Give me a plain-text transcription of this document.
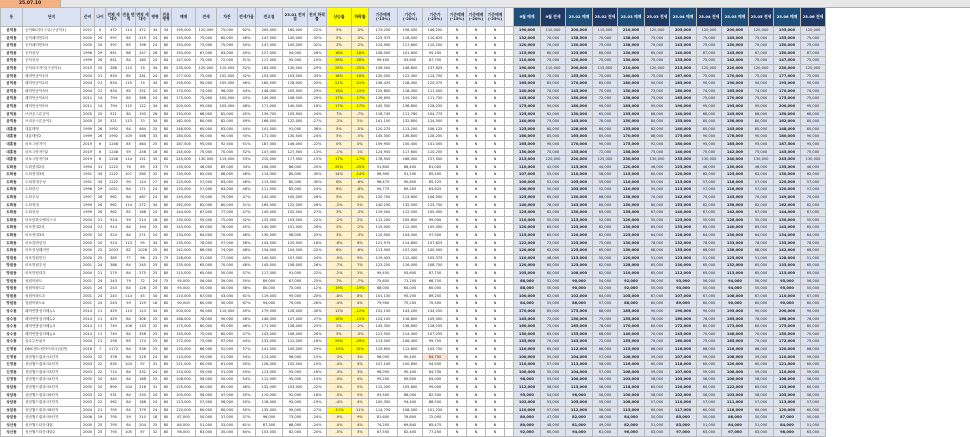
25.07.10
동	단지	준비	나이	전체 세대수	전용 면적	면적 세대수	평형	전용 평형	매매	전세	차잔	전세가율	전고점	23.01 전저점	전저 하락률	상승률	하락률	기준매매 (-15%)	기준가 (-20%)	기준가 (-25%)	기준매매 (-15%)	기준매매 (-20%)	기준매매 (-25%)		9월 매매	9월 전세	25.02 매매	25.02 전세	25.03 매매	25.03 전세	25.04 매매	25.04 전세	25.05 매매	25.05 전세	25.06 매매	25.06 전세
공덕동	공덕SK리더스뷰(구공덕1)	2021	4	472	114	472	34	34	195,000	120,000	75,000	62%	205,000	160,000	-22%	5%	-5%	174,250	156,000	146,250	N	N	N		190,000	110,000	200,000	110,000	210,000	120,000	205,000	120,000	200,000	120,000	195,000	120,000
공덕동	공덕래미안2차	2005	20	597	85	215	24	80	155,000	75,000	80,000	48%	147,500	100,000	-32%	5%	-5%	125,375	118,000	110,625	N	N	N		132,000	70,000	138,500	70,000	138,000	75,000	140,000	75,000	145,000	75,000	155,000	75,000
공덕동	공덕래미안3차	2005	20	597	85	196	24	80	150,000	75,000	75,000	50%	147,000	100,000	-32%	2%	-2%	124,950	117,600	110,250	N	N	N		120,000	70,000	130,000	75,000	138,000	75,000	145,000	75,000	150,000	75,000	150,000	75,000
공덕동	공덕삼성	1996	29	651	86	247	26	80	150,000	67,000	83,000	45%	127,000	94,000	-26%	18%	-18%	108,050	101,600	95,250	N	N	N		115,000	60,000	125,000	65,000	130,000	65,000	140,000	67,000	145,000	67,000	150,000	67,000
공덕동	공덕삼성	1999	26	651	84	180	24	84	147,000	75,000	72,000	51%	117,000	95,000	-19%	26%	-26%	99,450	93,600	87,750	N	N	N		110,000	70,000	120,000	70,000	130,000	75,000	135,000	75,000	142,000	75,000	147,000	75,000
공덕동	공덕파크자이(구공덕1)	2015	10	288	113	74	34	80	230,000	120,000	110,000	52%	183,500	130,000	-29%	25%	-25%	156,000	146,800	137,625	N	N	N		190,000	110,000	200,000	115,000	210,000	120,000	215,000	120,000	220,000	120,000	230,000	120,000
공덕동	래미안공덕1차	2004	21	634	85	281	24	80	177,000	75,000	102,000	42%	153,000	103,000	-33%	16%	-16%	130,050	122,400	114,750	N	N	N		145,000	70,000	155,000	70,000	160,000	75,000	167,000	75,000	170,000	75,000	177,000	75,000
공덕동	래미안공덕2차	2004	21	634	115	74	34	80	195,000	90,000	105,000	46%	160,500	128,000	-20%	21%	-21%	136,425	128,400	120,375	N	N	N		165,000	85,000	170,000	85,000	180,000	90,000	185,000	90,000	190,000	90,000	195,000	90,000
공덕동	래미안공덕3차	2004	21	634	85	251	24	80	170,000	74,000	96,000	44%	148,000	105,500	-29%	15%	-15%	125,800	118,400	111,000	N	N	N		140,000	70,000	145,000	70,000	150,000	72,000	160,000	74,000	165,000	74,000	170,000	74,000
공덕동	래미안공덕4차	2011	14	794	85	288	24	80	175,000	75,000	100,000	43%	149,000	106,000	-29%	17%	-17%	126,650	119,200	111,750	N	N	N		145,000	70,000	150,000	72,000	158,000	75,000	165,000	75,000	170,000	75,000	175,000	75,000
공덕동	래미안공덕5차	2011	14	794	115	122	34	80	200,000	95,000	105,000	48%	171,000	140,000	-18%	17%	-17%	145,350	136,800	128,250	N	N	N		175,000	90,000	180,000	90,000	185,000	95,000	190,000	95,000	195,000	95,000	200,000	95,000
공덕동	브라운스톤공덕	2005	20	521	80	193	26	80	150,000	68,000	82,000	45%	139,700	105,500	-24%	7%	-7%	118,745	111,760	104,775	N	N	N		125,000	62,000	130,000	65,000	135,000	68,000	140,000	68,000	145,000	68,000	150,000	68,000
공덕동	브라운스톤공덕2	2005	20	521	113	70	34	80	162,000	80,000	82,000	49%	166,000	122,000	-27%	-2%	2%	141,100	132,800	124,500	N	N	N		140,000	75,000	145,000	78,000	150,000	80,000	155,000	80,000	158,000	80,000	162,000	80,000
대흥동	대흥태영	1999	26	1992	84	464	25	80	148,000	65,000	83,000	44%	141,500	91,000	-36%	5%	-5%	120,275	113,200	106,125	N	N	N		125,000	60,000	128,000	60,000	135,000	62,000	140,000	65,000	145,000	65,000	148,000	65,000
대흥동	대흥태영2	1999	26	1992	109	586	33	80	180,000	90,000	90,000	50%	171,000	130,500	-24%	5%	-5%	145,350	136,800	128,250	N	N	N		160,000	85,000	165,000	85,000	170,000	88,000	175,000	90,000	178,000	90,000	180,000	90,000
대흥동	마포그랑자이	2019	6	1248	85	464	25	80	187,500	95,000	92,500	51%	187,000	146,000	-22%	0%	0%	159,950	150,400	141,000	N	N	N		165,000	90,000	170,000	90,000	175,000	92,000	180,000	95,000	185,000	95,000	187,500	95,000
대흥동	마포그랑자이2	2019	6	1248	59	258	18	80	145,000	75,000	70,000	52%	147,000	127,500	-13%	-1%	1%	124,950	117,600	110,250	N	N	N		130,000	70,000	135,000	72,000	138,000	75,000	140,000	75,000	142,000	75,000	145,000	75,000
대흥동	마포그랑자이3	2019	6	1248	114	151	34	80	245,000	130,000	115,000	53%	210,000	177,500	-15%	17%	-17%	178,500	168,000	157,500	N	N	N		215,000	120,000	220,000	125,000	230,000	130,000	235,000	130,000	240,000	130,000	245,000	130,000
도화동	도화현대2차	1994	31	1222	76	69	23	75	135,000	46,000	89,000	34%	108,000	86,000	-20%	25%	-25%	91,800	86,400	81,000	N	N	N		110,000	42,000	115,000	44,000	120,000	46,000	125,000	46,000	130,000	46,000	135,000	46,000
도화동	도화현대3차	1991	34	1222	107	280	32	80	130,000	62,000	68,000	48%	114,000	80,000	-30%	14%	-14%	96,900	91,200	85,500	N	N	N		107,000	55,000	110,000	58,000	115,000	60,000	120,000	62,000	125,000	62,000	130,000	62,000
도화동	도화현대우성	1991	34	1222	90	124	27	80	120,000	57,000	63,000	48%	113,500	80,000	-30%	6%	-6%	96,475	90,800	85,125	N	N	N		100,000	52,000	105,000	55,000	110,000	55,000	115,000	57,000	118,000	57,000	120,000	57,000
도화동	도화한신	1996	29	1021	84	171	24	80	120,000	57,000	63,000	48%	111,500	85,000	-24%	8%	-8%	94,775	89,200	83,625	N	N	N		100,000	50,000	105,000	52,000	110,000	55,000	115,000	57,000	118,000	57,000	120,000	57,000
도화동	도화우성	1997	28	962	84	487	24	80	149,000	70,000	79,000	47%	142,000	105,000	-26%	5%	-5%	120,700	113,600	106,500	N	N	N		125,000	65,000	130,000	68,000	138,000	70,000	142,000	70,000	145,000	70,000	149,000	70,000
도화동	도화현대	1999	26	962	114	272	34	80	162,000	82,000	80,000	51%	165,000	122,000	-26%	-2%	2%	140,250	132,000	123,750	N	N	N		140,000	78,000	145,000	80,000	150,000	80,000	155,000	82,000	158,000	82,000	162,000	82,000
도화동	도화삼성	1999	26	962	85	168	24	80	144,000	67,000	77,000	47%	140,000	102,000	-27%	3%	-3%	119,000	112,000	105,000	N	N	N		125,000	62,000	130,000	65,000	135,000	67,000	140,000	67,000	142,000	67,000	144,000	67,000
도화동	마포한화오벨리스크	2004	21	914	59	214	18	80	130,000	55,000	75,000	42%	132,000	103,000	-22%	-2%	2%	112,200	105,600	99,000	N	N	N		110,000	50,000	115,000	52,000	120,000	55,000	125,000	55,000	128,000	55,000	130,000	55,000
도화동	마포현대2차	2004	21	914	84	194	25	80	143,000	65,000	78,000	45%	140,000	101,000	-28%	2%	-2%	119,000	112,000	105,000	N	N	N		120,000	60,000	125,000	62,000	130,000	65,000	135,000	65,000	140,000	65,000	143,000	65,000
도화동	마포현대3차	2005	20	524	84	271	24	80	134,000	64,000	70,000	48%	130,000	98,000	-25%	3%	-3%	110,500	104,000	97,500	N	N	N		115,000	60,000	120,000	62,000	125,000	64,000	128,000	64,000	130,000	64,000	134,000	64,000
도화동	마포강변삼성	2005	20	524	113	95	34	80	135,000	78,000	57,000	58%	143,500	120,500	-16%	-6%	6%	121,975	114,800	107,625	N	N	N		122,000	72,000	125,000	75,000	130,000	78,000	132,000	78,000	133,000	78,000	135,000	78,000
도화동	마포삼성래미안	2000	25	2003	82	1026	25	80	142,000	68,000	74,000	48%	134,000	104,000	-22%	6%	-6%	113,900	107,200	100,500	N	N	N		120,000	62,000	125,000	65,000	130,000	68,000	135,000	68,000	138,000	68,000	142,000	68,000
망원동	마포망원한신	2000	25	385	77	98	23	75	128,000	51,000	77,000	40%	140,500	107,000	-24%	-9%	9%	119,425	112,400	105,375	N	N	N		110,000	48,000	115,000	50,000	120,000	51,000	123,000	51,000	125,000	51,000	128,000	51,000
망원동	마포망원우성	2001	24	386	84	245	25	80	135,000	65,000	70,000	48%	145,000	108,000	-26%	-7%	7%	123,250	116,000	108,750	N	N	N		120,000	60,000	125,000	62,000	128,000	65,000	130,000	65,000	132,000	65,000	135,000	65,000
망원동	마포망원대우	2004	21	279	84	275	25	80	115,000	65,000	50,000	57%	117,000	91,000	-22%	-2%	2%	99,450	93,600	87,750	N	N	N		105,000	60,000	108,000	62,000	110,000	65,000	112,000	65,000	113,000	65,000	115,000	65,000
망원동	성원아파트	2001	24	243	79	72	24	75	95,000	56,000	39,000	59%	89,000	67,000	-25%	7%	-7%	75,650	71,200	66,750	N	N	N		88,000	52,000	90,000	54,000	92,000	56,000	93,000	56,000	94,000	56,000	95,000	56,000
망원동	성원아파트2	2001	24	243	84	126	25	80	95,000	55,000	40,000	58%	80,000	70,000	-12%	19%	-19%	68,000	64,000	60,000	N	N	N		88,000	50,000	90,000	52,000	92,000	55,000	93,000	55,000	94,000	55,000	95,000	55,000
망원동	성원아파트3	2001	24	243	114	45	34	80	110,000	67,000	43,000	61%	119,000	95,000	-20%	-8%	8%	101,150	95,200	89,250	N	N	N		100,000	62,000	102,000	64,000	105,000	67,000	107,000	67,000	108,000	67,000	110,000	67,000
망원동	성원아파트4	2001	24	243	59	129	18	80	90,000	60,000	30,000	67%	94,000	70,000	-26%	-4%	4%	79,900	75,200	70,500	N	N	N		84,000	55,000	86,000	57,000	88,000	60,000	89,000	60,000	90,000	60,000	90,000	60,000
상수동	래미안밤섬리베뉴1	2014	11	429	113	123	34	80	200,000	90,000	110,000	45%	179,000	126,000	-30%	12%	-12%	152,150	143,200	134,250	N	N	N		170,000	85,000	175,000	88,000	185,000	90,000	190,000	90,000	195,000	90,000	200,000	90,000
상수동	래미안밤섬리베뉴2	2014	11	429	84	306	25	80	168,000	78,000	90,000	46%	146,000	107,000	-27%	15%	-15%	124,100	116,800	109,500	N	N	N		145,000	72,000	150,000	75,000	155,000	78,000	160,000	78,000	165,000	78,000	168,000	78,000
상수동	래미안밤섬리베뉴3	2014	11	740	108	133	32	80	175,000	80,000	95,000	46%	171,000	128,000	-25%	2%	-2%	145,350	136,800	128,250	N	N	N		160,000	75,000	165,000	78,000	170,000	80,000	172,000	80,000	173,000	80,000	175,000	80,000
상수동	래미안밤섬리베뉴4	2014	11	740	84	358	25	80	150,000	70,000	80,000	47%	143,000	106,000	-26%	5%	-5%	121,550	114,400	107,250	N	N	N		130,000	65,000	135,000	68,000	140,000	70,000	145,000	70,000	148,000	70,000	150,000	70,000
상수동	상수두산위브	2004	21	258	85	174	25	80	172,000	75,000	97,000	44%	133,000	112,000	-16%	29%	-29%	113,050	106,400	99,750	N	N	N		135,000	70,000	145,000	72,000	155,000	75,000	160,000	75,000	165,000	75,000	172,000	75,000
신정동	DMC센트럴아이파크(일반)	2018	7	1172	84	536	25	80	120,000	68,000	52,000	57%	141,000	100,000	-29%	-15%	15%	119,850	112,800	105,750	N	N	N		110,000	65,000	112,000	66,000	115,000	68,000	116,000	68,000	118,000	68,000	120,000	68,000
신정동	상암월드컵파크1단지	2003	22	378	84	218	24	80	110,000	59,000	51,000	54%	113,000	96,000	-15%	-3%	3%	96,050	90,400	84,750	N	N	N		100,000	55,000	104,000	57,000	106,000	59,000	107,000	59,000	108,000	59,000	110,000	59,000
신정동	상암월드컵파크2단지	2003	22	630	104	97	31	80	121,000	60,000	61,000	50%	126,000	102,000	-19%	-4%	4%	107,100	100,800	94,500	N	N	N		110,000	57,000	113,000	58,000	116,000	60,000	118,000	60,000	120,000	60,000	121,000	60,000
신정동	상암월드컵파크3단지	2003	22	710	84	432	24	80	110,000	59,000	51,000	54%	113,000	95,000	-16%	-3%	3%	96,050	90,400	84,750	N	N	N		100,000	55,000	104,000	57,000	106,000	59,000	107,000	59,000	108,000	59,000	110,000	59,000
신정동	상암월드컵파크4단지	2005	20	440	84	188	25	80	108,000	58,000	50,000	54%	112,000	95,000	-15%	-4%	4%	95,200	89,600	84,000	N	N	N		98,000	55,000	100,000	56,000	103,000	58,000	105,000	58,000	106,000	58,000	108,000	58,000
상암동	상암월드컵파크5단지	2005	20	690	104	216	31	80	125,000	60,000	65,000	48%	132,000	103,000	-22%	-5%	5%	112,200	105,600	99,000	N	N	N		112,000	56,000	115,000	58,000	118,000	60,000	120,000	60,000	122,000	60,000	125,000	60,000
상암동	상암월드컵파크6단지	2003	22	531	84	250	24	80	105,000	58,000	47,000	55%	110,000	92,000	-16%	-5%	5%	93,500	88,000	82,500	N	N	N		95,000	54,000	98,000	56,000	100,000	58,000	102,000	58,000	103,000	58,000	105,000	58,000
상암동	상암월드컵파크7단지	2003	22	562	84	188	24	80	113,000	57,000	56,000	50%	118,000	95,000	-19%	-4%	4%	100,300	94,400	88,500	N	N	N		102,000	53,000	105,000	55,000	108,000	57,000	110,000	57,000	111,000	57,000	113,000	57,000
상암동	상암월드컵파크8단지	2004	21	795	84	379	24	80	120,000	60,000	60,000	50%	135,000	99,000	-27%	-11%	11%	114,750	108,000	101,250	N	N	N		110,000	57,000	112,000	58,000	115,000	60,000	117,000	60,000	118,000	60,000	120,000	60,000
상암동	상암월드컵파크9단지	2006	19	795	59	210	18	80	87,000	50,000	37,000	57%	96,000	73,000	-24%	-9%	9%	81,600	76,800	72,000	N	N	N		80,000	47,000	82,000	48,000	84,000	50,000	85,000	50,000	86,000	50,000	87,000	50,000
성산동	성산월드타운대림	2000	25	795	84	204	25	80	84,000	51,000	33,000	61%	87,300	66,000	-24%	-4%	4%	74,205	69,840	65,475	N	N	N		80,000	48,000	81,000	49,000	82,000	51,000	83,000	51,000	84,000	51,000	84,000	51,000
성산동	성산월드타운대림2	2000	25	795	105	97	32	80	98,000	63,000	35,000	64%	103,000	82,000	-20%	-5%	5%	87,550	82,400	77,250	N	N	N		92,000	60,000	94,000	61,000	96,000	63,000	97,000	63,000	97,000	63,000	98,000	63,000
